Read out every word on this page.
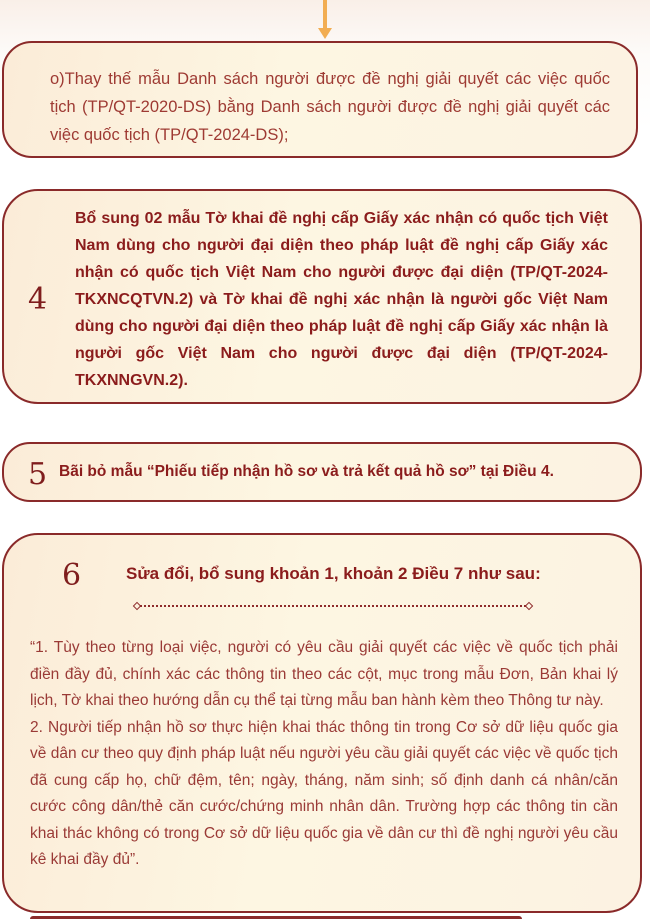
o)Thay thế mẫu Danh sách người được đề nghị giải quyết các việc quốc tịch (TP/QT-2020-DS) bằng Danh sách người được đề nghị giải quyết các việc quốc tịch (TP/QT-2024-DS);

4

Bổ sung 02 mẫu Tờ khai đề nghị cấp Giấy xác nhận có quốc tịch Việt Nam dùng cho người đại diện theo pháp luật đề nghị cấp Giấy xác nhận có quốc tịch Việt Nam cho người được đại diện (TP/QT-2024-TKXNCQTVN.2) và Tờ khai đề nghị xác nhận là người gốc Việt Nam dùng cho người đại diện theo pháp luật đề nghị cấp Giấy xác nhận là người gốc Việt Nam cho người được đại diện (TP/QT-2024- TKXNNGVN.2).

5 Bãi bỏ mẫu “Phiếu tiếp nhận hồ sơ và trả kết quả hồ sơ” tại Điều 4.

6	Sửa đổi, bổ sung khoản 1, khoản 2 Điều 7 như sau:

“1. Tùy theo từng loại việc, người có yêu cầu giải quyết các việc về quốc tịch phải điền đầy đủ, chính xác các thông tin theo các cột, mục trong mẫu Đơn, Bản khai lý lịch, Tờ khai theo hướng dẫn cụ thể tại từng mẫu ban hành kèm theo Thông tư này.

2. Người tiếp nhận hồ sơ thực hiện khai thác thông tin trong Cơ sở dữ liệu quốc gia về dân cư theo quy định pháp luật nếu người yêu cầu giải quyết các việc về quốc tịch đã cung cấp họ, chữ đệm, tên; ngày, tháng, năm sinh; số định danh cá nhân/căn cước công dân/thẻ căn cước/chứng minh nhân dân. Trường hợp các thông tin cần khai thác không có trong Cơ sở dữ liệu quốc gia về dân cư thì đề nghị người yêu cầu kê khai đầy đủ”.
